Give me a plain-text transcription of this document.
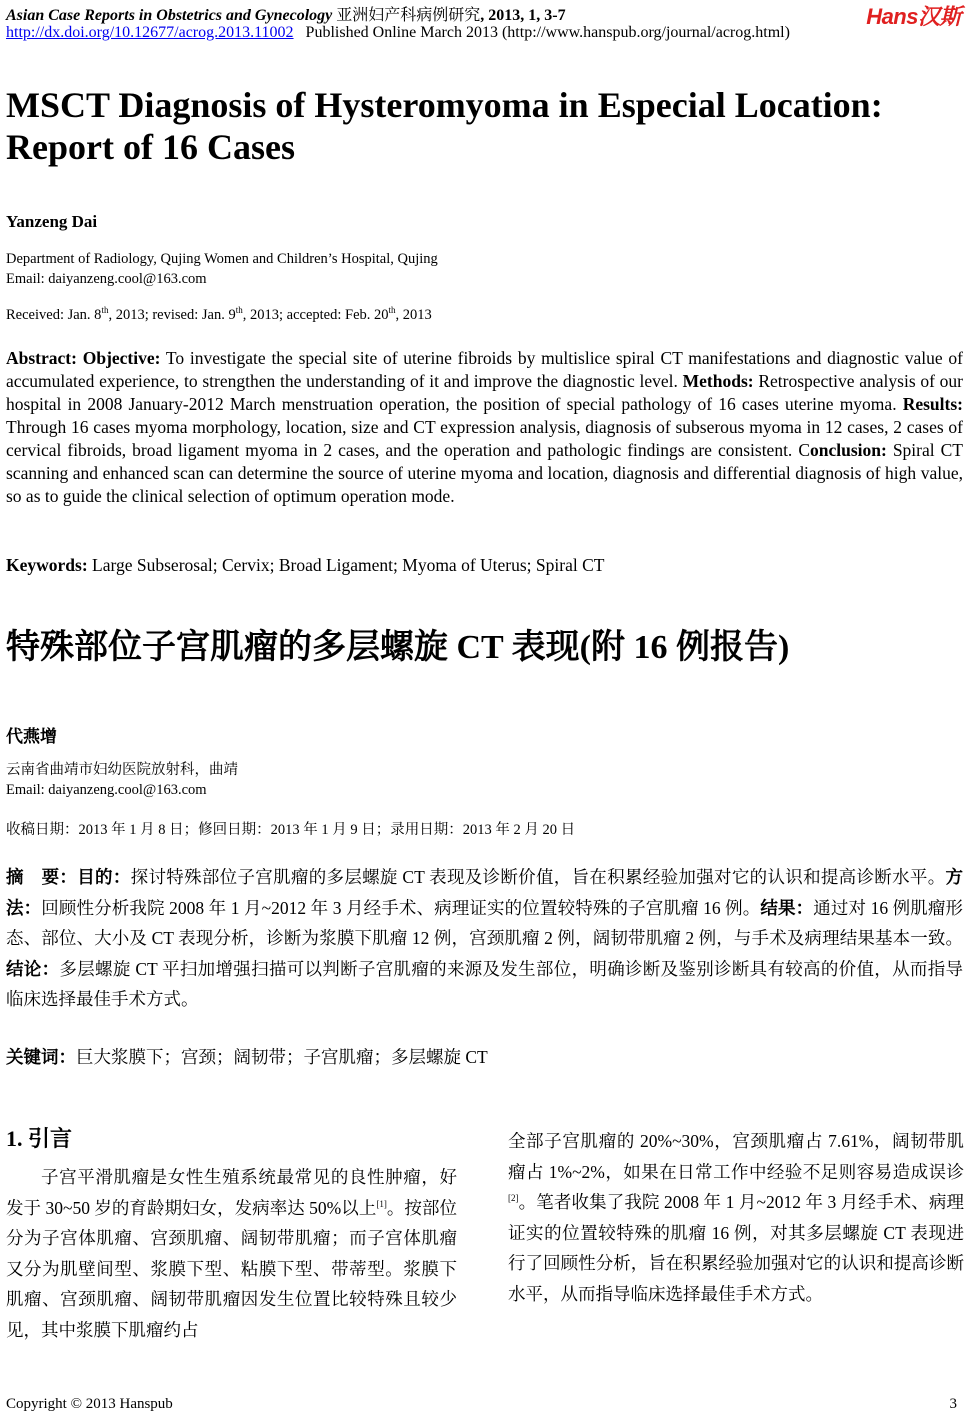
Asian Case Reports in Obstetrics and Gynecology 亚洲妇产科病例研究, 2013, 1, 3-7
http://dx.doi.org/10.12677/acrog.2013.11002 Published Online March 2013 (http://www.hanspub.org/journal/acrog.html)
Hans汉斯
MSCT Diagnosis of Hysteromyoma in Especial Location: Report of 16 Cases
Yanzeng Dai
Department of Radiology, Qujing Women and Children’s Hospital, Qujing
Email: daiyanzeng.cool@163.com
Received: Jan. 8th, 2013; revised: Jan. 9th, 2013; accepted: Feb. 20th, 2013
Abstract: Objective: To investigate the special site of uterine fibroids by multislice spiral CT manifestations and diagnostic value of accumulated experience, to strengthen the understanding of it and improve the diagnostic level. Methods: Retrospective analysis of our hospital in 2008 January-2012 March menstruation operation, the position of special pathology of 16 cases uterine myoma. Results: Through 16 cases myoma morphology, location, size and CT expression analysis, diagnosis of subserous myoma in 12 cases, 2 cases of cervical fibroids, broad ligament myoma in 2 cases, and the operation and pathologic findings are consistent. Conclusion: Spiral CT scanning and enhanced scan can determine the source of uterine myoma and location, diagnosis and differential diagnosis of high value, so as to guide the clinical selection of optimum operation mode.
Keywords: Large Subserosal; Cervix; Broad Ligament; Myoma of Uterus; Spiral CT
特殊部位子宫肌瘤的多层螺旋 CT 表现(附 16 例报告)
代燕增
云南省曲靖市妇幼医院放射科，曲靖
Email: daiyanzeng.cool@163.com
收稿日期：2013 年 1 月 8 日；修回日期：2013 年 1 月 9 日；录用日期：2013 年 2 月 20 日
摘　要：目的：探讨特殊部位子宫肌瘤的多层螺旋 CT 表现及诊断价值，旨在积累经验加强对它的认识和提高诊断水平。方法：回顾性分析我院 2008 年 1 月~2012 年 3 月经手术、病理证实的位置较特殊的子宫肌瘤 16 例。结果：通过对 16 例肌瘤形态、部位、大小及 CT 表现分析，诊断为浆膜下肌瘤 12 例，宫颈肌瘤 2 例，阔韧带肌瘤 2 例，与手术及病理结果基本一致。结论：多层螺旋 CT 平扫加增强扫描可以判断子宫肌瘤的来源及发生部位，明确诊断及鉴别诊断具有较高的价值，从而指导临床选择最佳手术方式。
关键词：巨大浆膜下；宫颈；阔韧带；子宫肌瘤；多层螺旋 CT
1. 引言
子宫平滑肌瘤是女性生殖系统最常见的良性肿瘤，好发于 30~50 岁的育龄期妇女，发病率达 50%以上[1]。按部位分为子宫体肌瘤、宫颈肌瘤、阔韧带肌瘤；而子宫体肌瘤又分为肌壁间型、浆膜下型、粘膜下型、带蒂型。浆膜下肌瘤、宫颈肌瘤、阔韧带肌瘤因发生位置比较特殊且较少见，其中浆膜下肌瘤约占
全部子宫肌瘤的 20%~30%，宫颈肌瘤占 7.61%，阔韧带肌瘤占 1%~2%，如果在日常工作中经验不足则容易造成误诊[2]。笔者收集了我院 2008 年 1 月~2012 年 3 月经手术、病理证实的位置较特殊的肌瘤 16 例，对其多层螺旋 CT 表现进行了回顾性分析，旨在积累经验加强对它的认识和提高诊断水平，从而指导临床选择最佳手术方式。
Copyright © 2013 Hanspub	3
